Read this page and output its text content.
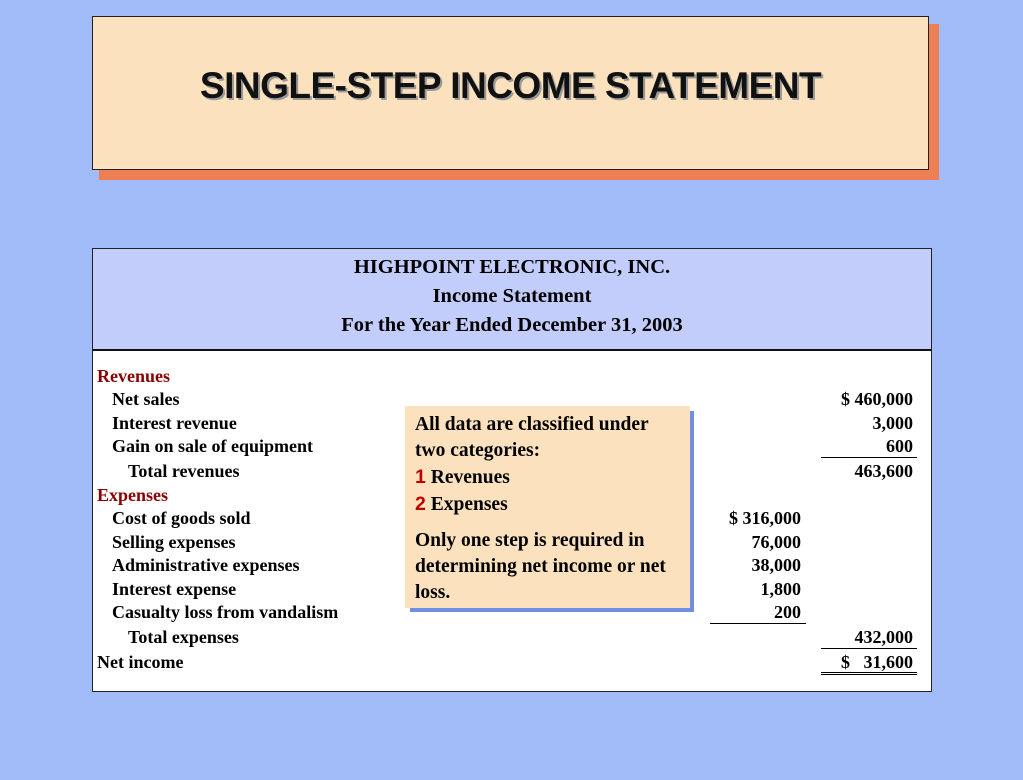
SINGLE-STEP INCOME STATEMENT
HIGHPOINT ELECTRONIC, INC.
Income Statement
For the Year Ended December 31, 2003
Revenues
Net sales	$ 460,000
Interest revenue	3,000
Gain on sale of equipment	600
Total revenues	463,600
Expenses
Cost of goods sold	$ 316,000
Selling expenses	76,000
Administrative expenses	38,000
Interest expense	1,800
Casualty loss from vandalism	200
Total expenses	432,000
Net income	$   31,600

All data are classified under two categories:

1 Revenues

2 Expenses

Only one step is required in determining net income or net loss.
